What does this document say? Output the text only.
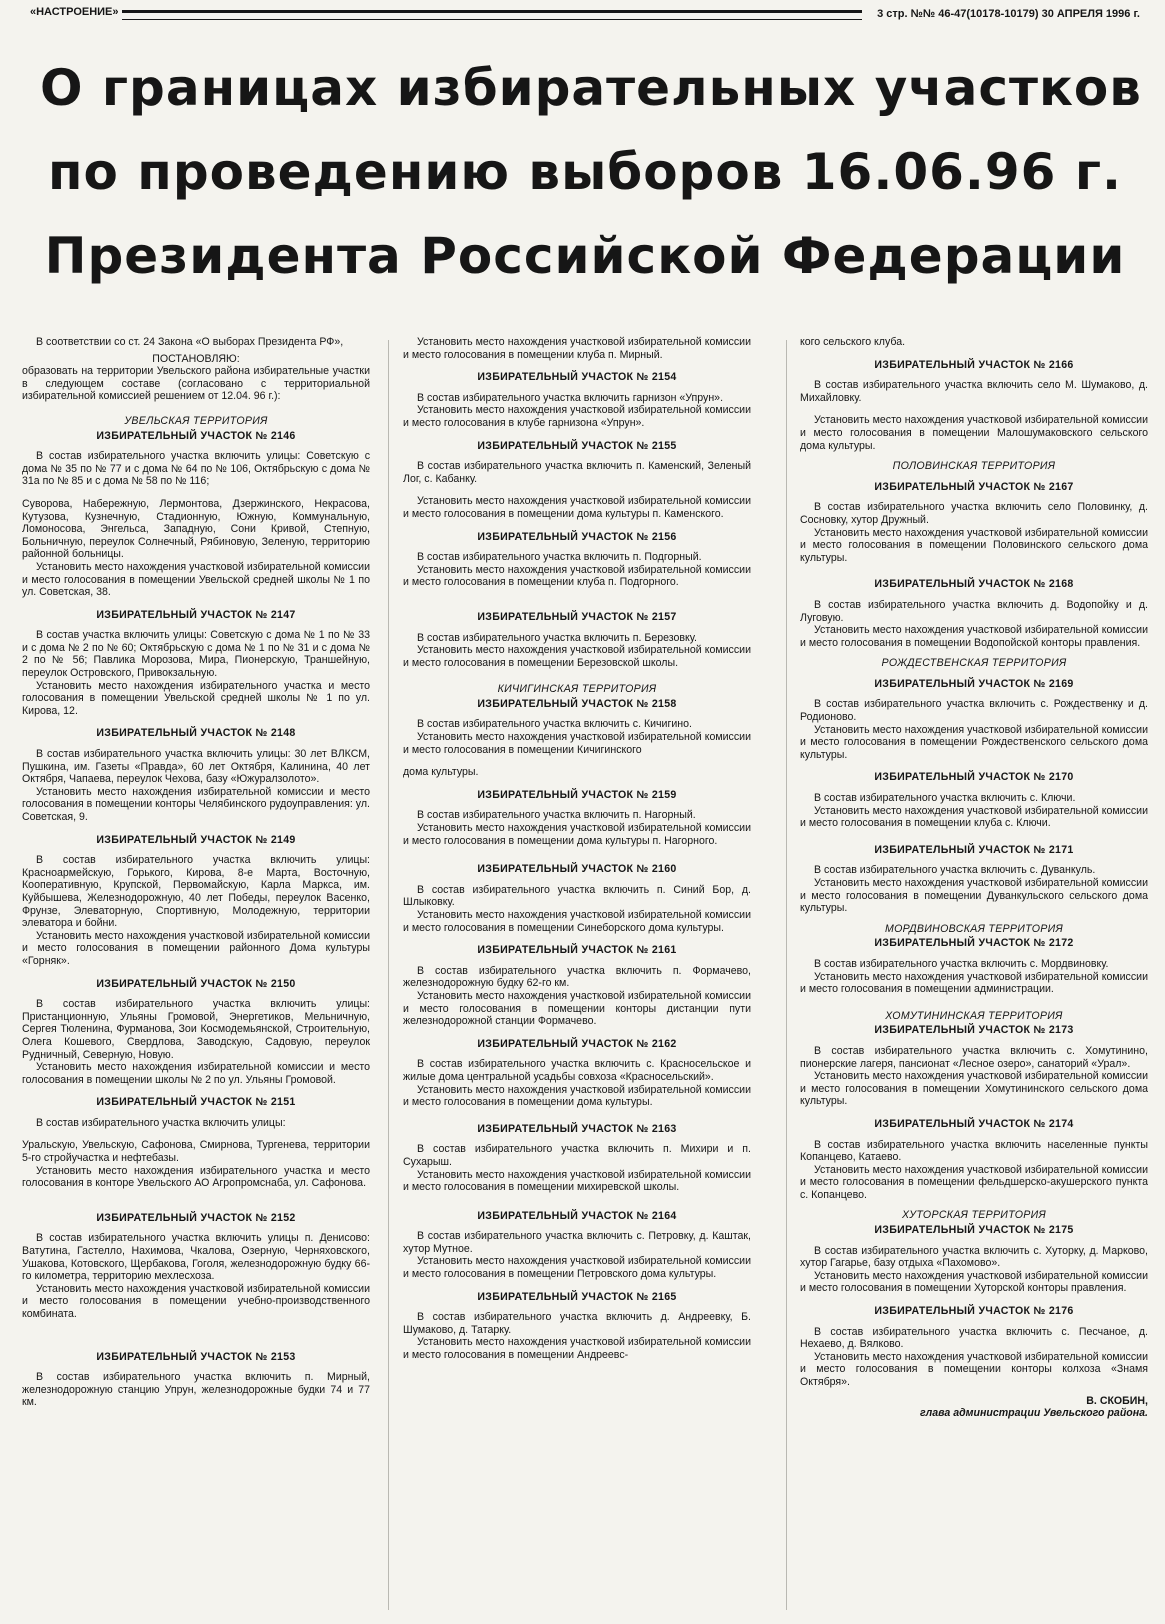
«НАСТРОЕНИЕ»	3 стр. №№ 46-47(10178-10179) 30 АПРЕЛЯ 1996 г.
О границах избирательных участков
по проведению выборов 16.06.96 г.
Президента Российской Федерации

В соответствии со ст. 24 Закона «О выборах Президента РФ»,

ПОСТАНОВЛЯЮ:

образовать на территории Увельского района избирательные участки в следующем составе (согласовано с территориальной избирательной комиссией решением от 12.04. 96 г.):

УВЕЛЬСКАЯ ТЕРРИТОРИЯ

ИЗБИРАТЕЛЬНЫЙ УЧАСТОК № 2146

В состав избирательного участка включить улицы: Советскую с дома № 35 по № 77 и с дома № 64 по № 106, Октябрьскую с дома № 31а по № 85 и с дома № 58 по № 116;

Суворова, Набережную, Лермонтова, Дзержинского, Некрасова, Кутузова, Кузнечную, Стадионную, Южную, Коммунальную, Ломоносова, Энгельса, Западную, Сони Кривой, Степную, Больничную, переулок Солнечный, Рябиновую, Зеленую, территорию районной больницы.

Установить место нахождения участковой избирательной комиссии и место голосования в помещении Увельской средней школы № 1 по ул. Советская, 38.

ИЗБИРАТЕЛЬНЫЙ УЧАСТОК № 2147

В состав участка включить улицы: Советскую с дома № 1 по № 33 и с дома № 2 по № 60; Октябрьскую с дома № 1 по № 31 и с дома № 2 по № 56; Павлика Морозова, Мира, Пионерскую, Траншейную, переулок Островского, Привокзальную.

Установить место нахождения избирательного участка и место голосования в помещении Увельской средней школы № 1 по ул. Кирова, 12.

ИЗБИРАТЕЛЬНЫЙ УЧАСТОК № 2148

В состав избирательного участка включить улицы: 30 лет ВЛКСМ, Пушкина, им. Газеты «Правда», 60 лет Октября, Калинина, 40 лет Октября, Чапаева, переулок Чехова, базу «Южуралзолото».

Установить место нахождения избирательной комиссии и место голосования в помещении конторы Челябинского рудоуправления: ул. Советская, 9.

ИЗБИРАТЕЛЬНЫЙ УЧАСТОК № 2149

В состав избирательного участка включить улицы: Красноармейскую, Горького, Кирова, 8-е Марта, Восточную, Кооперативную, Крупской, Первомайскую, Карла Маркса, им. Куйбышева, Железнодорожную, 40 лет Победы, переулок Васенко, Фрунзе, Элеваторную, Спортивную, Молодежную, территории элеватора и бойни.

Установить место нахождения участковой избирательной комиссии и место голосования в помещении районного Дома культуры «Горняк».

ИЗБИРАТЕЛЬНЫЙ УЧАСТОК № 2150

В состав избирательного участка включить улицы: Пристанционную, Ульяны Громовой, Энергетиков, Мельничную, Сергея Тюленина, Фурманова, Зои Космодемьянской, Строительную, Олега Кошевого, Свердлова, Заводскую, Садовую, переулок Рудничный, Северную, Новую.

Установить место нахождения избирательной комиссии и место голосования в помещении школы № 2 по ул. Ульяны Громовой.

ИЗБИРАТЕЛЬНЫЙ УЧАСТОК № 2151

В состав избирательного участка включить улицы:

Уральскую, Увельскую, Сафонова, Смирнова, Тургенева, территории 5-го стройучастка и нефтебазы.

Установить место нахождения избирательного участка и место голосования в конторе Увельского АО Агропромснаба, ул. Сафонова.

ИЗБИРАТЕЛЬНЫЙ УЧАСТОК № 2152

В состав избирательного участка включить улицы п. Денисово: Ватутина, Гастелло, Нахимова, Чкалова, Озерную, Черняховского, Ушакова, Котовского, Щербакова, Гоголя, железнодорожную будку 66-го километра, территорию мехлесхоза.

Установить место нахождения участковой избирательной комиссии и место голосования в помещении учебно-производственного комбината.

ИЗБИРАТЕЛЬНЫЙ УЧАСТОК № 2153

В состав избирательного участка включить п. Мирный, железнодорожную станцию Упрун, железнодорожные будки 74 и 77 км.

Установить место нахождения участковой избирательной комиссии и место голосования в помещении клуба п. Мирный.

ИЗБИРАТЕЛЬНЫЙ УЧАСТОК № 2154

В состав избирательного участка включить гарнизон «Упрун».

Установить место нахождения участковой избирательной комиссии и место голосования в клубе гарнизона «Упрун».

ИЗБИРАТЕЛЬНЫЙ УЧАСТОК № 2155

В состав избирательного участка включить п. Каменский, Зеленый Лог, с. Кабанку.

Установить место нахождения участковой избирательной комиссии и место голосования в помещении дома культуры п. Каменского.

ИЗБИРАТЕЛЬНЫЙ УЧАСТОК № 2156

В состав избирательного участка включить п. Подгорный.

Установить место нахождения участковой избирательной комиссии и место голосования в помещении клуба п. Подгорного.

ИЗБИРАТЕЛЬНЫЙ УЧАСТОК № 2157

В состав избирательного участка включить п. Березовку.

Установить место нахождения участковой избирательной комиссии и место голосования в помещении Березовской школы.

КИЧИГИНСКАЯ ТЕРРИТОРИЯ

ИЗБИРАТЕЛЬНЫЙ УЧАСТОК № 2158

В состав избирательного участка включить с. Кичигино.

Установить место нахождения участковой избирательной комиссии и место голосования в помещении Кичигинского

дома культуры.

ИЗБИРАТЕЛЬНЫЙ УЧАСТОК № 2159

В состав избирательного участка включить п. Нагорный.

Установить место нахождения участковой избирательной комиссии и место голосования в помещении дома культуры п. Нагорного.

ИЗБИРАТЕЛЬНЫЙ УЧАСТОК № 2160

В состав избирательного участка включить п. Синий Бор, д. Шлыковку.

Установить место нахождения участковой избирательной комиссии и место голосования в помещении Синеборского дома культуры.

ИЗБИРАТЕЛЬНЫЙ УЧАСТОК № 2161

В состав избирательного участка включить п. Формачево, железнодорожную будку 62-го км.

Установить место нахождения участковой избирательной комиссии и место голосования в помещении конторы дистанции пути железнодорожной станции Формачево.

ИЗБИРАТЕЛЬНЫЙ УЧАСТОК № 2162

В состав избирательного участка включить с. Красносельское и жилые дома центральной усадьбы совхоза «Красносельский».

Установить место нахождения участковой избирательной комиссии и место голосования в помещении дома культуры.

ИЗБИРАТЕЛЬНЫЙ УЧАСТОК № 2163

В состав избирательного участка включить п. Михири и п. Сухарыш.

Установить место нахождения участковой избирательной комиссии и место голосования в помещении михиревской школы.

ИЗБИРАТЕЛЬНЫЙ УЧАСТОК № 2164

В состав избирательного участка включить с. Петровку, д. Каштак, хутор Мутное.

Установить место нахождения участковой избирательной комиссии и место голосования в помещении Петровского дома культуры.

ИЗБИРАТЕЛЬНЫЙ УЧАСТОК № 2165

В состав избирательного участка включить д. Андреевку, Б. Шумаково, д. Татарку.

Установить место нахождения участковой избирательной комиссии и место голосования в помещении Андреевс-

кого сельского клуба.

ИЗБИРАТЕЛЬНЫЙ УЧАСТОК № 2166

В состав избирательного участка включить село М. Шумаково, д. Михайловку.

Установить место нахождения участковой избирательной комиссии и место голосования в помещении Малошумаковского сельского дома культуры.

ПОЛОВИНСКАЯ ТЕРРИТОРИЯ

ИЗБИРАТЕЛЬНЫЙ УЧАСТОК № 2167

В состав избирательного участка включить село Половинку, д. Сосновку, хутор Дружный.

Установить место нахождения участковой избирательной комиссии и место голосования в помещении Половинского сельского дома культуры.

ИЗБИРАТЕЛЬНЫЙ УЧАСТОК № 2168

В состав избирательного участка включить д. Водопойку и д. Луговую.

Установить место нахождения участковой избирательной комиссии и место голосования в помещении Водопойской конторы правления.

РОЖДЕСТВЕНСКАЯ ТЕРРИТОРИЯ

ИЗБИРАТЕЛЬНЫЙ УЧАСТОК № 2169

В состав избирательного участка включить с. Рождественку и д. Родионово.

Установить место нахождения участковой избирательной комиссии и место голосования в помещении Рождественского сельского дома культуры.

ИЗБИРАТЕЛЬНЫЙ УЧАСТОК № 2170

В состав избирательного участка включить с. Ключи.

Установить место нахождения участковой избирательной комиссии и место голосования в помещении клуба с. Ключи.

ИЗБИРАТЕЛЬНЫЙ УЧАСТОК № 2171

В состав избирательного участка включить с. Дуванкуль.

Установить место нахождения участковой избирательной комиссии и место голосования в помещении Дуванкульского сельского дома культуры.

МОРДВИНОВСКАЯ ТЕРРИТОРИЯ

ИЗБИРАТЕЛЬНЫЙ УЧАСТОК № 2172

В состав избирательного участка включить с. Мордвиновку.

Установить место нахождения участковой избирательной комиссии и место голосования в помещении администрации.

ХОМУТИНИНСКАЯ ТЕРРИТОРИЯ

ИЗБИРАТЕЛЬНЫЙ УЧАСТОК № 2173

В состав избирательного участка включить с. Хомутинино, пионерские лагеря, пансионат «Лесное озеро», санаторий «Урал».

Установить место нахождения участковой избирательной комиссии и место голосования в помещении Хомутининского сельского дома культуры.

ИЗБИРАТЕЛЬНЫЙ УЧАСТОК № 2174

В состав избирательного участка включить населенные пункты Копанцево, Катаево.

Установить место нахождения участковой избирательной комиссии и место голосования в помещении фельдшерско-акушерского пункта с. Копанцево.

ХУТОРСКАЯ ТЕРРИТОРИЯ

ИЗБИРАТЕЛЬНЫЙ УЧАСТОК № 2175

В состав избирательного участка включить с. Хуторку, д. Марково, хутор Гагарье, базу отдыха «Пахомово».

Установить место нахождения участковой избирательной комиссии и место голосования в помещении Хуторской конторы правления.

ИЗБИРАТЕЛЬНЫЙ УЧАСТОК № 2176

В состав избирательного участка включить с. Песчаное, д. Нехаево, д. Вялково.

Установить место нахождения участковой избирательной комиссии и место голосования в помещении конторы колхоза «Знамя Октября».

В. СКОБИН,

глава администрации Увельского района.
